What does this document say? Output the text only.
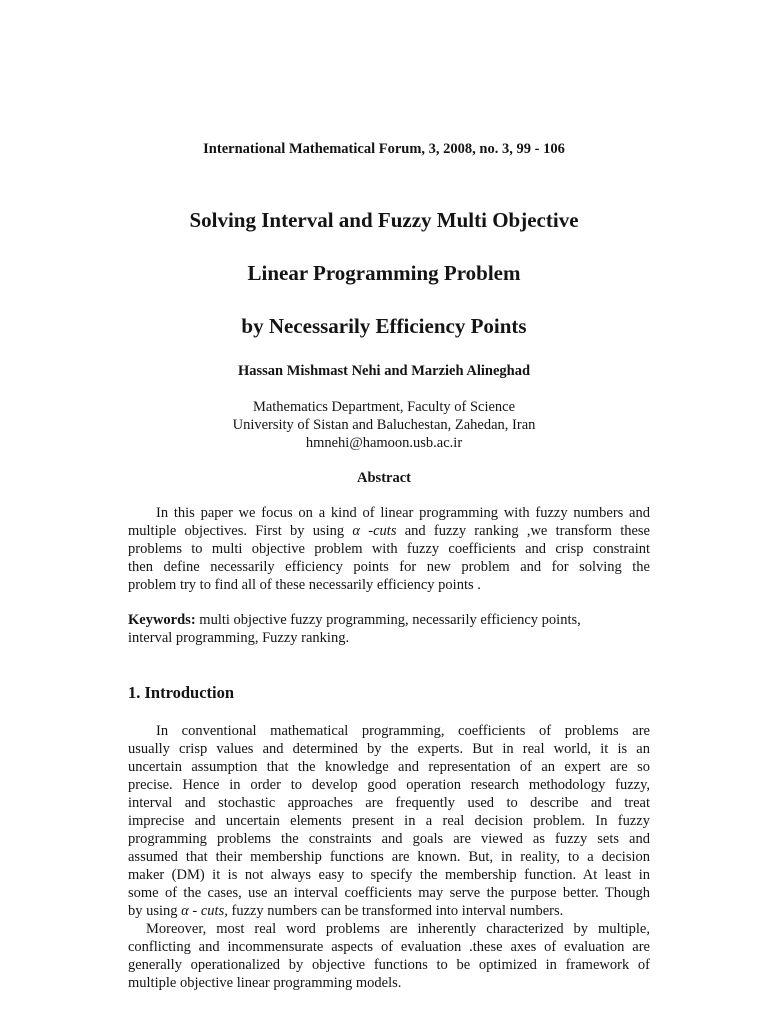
International Mathematical Forum, 3, 2008, no. 3, 99 - 106
Solving Interval and Fuzzy Multi Objective
Linear Programming Problem
by Necessarily Efficiency Points
Hassan Mishmast Nehi and Marzieh Alineghad
Mathematics Department, Faculty of Science
University of Sistan and Baluchestan, Zahedan, Iran
hmnehi@hamoon.usb.ac.ir
Abstract
In this paper we focus on a kind of linear programming with fuzzy numbers and
multiple objectives. First by using α -cuts and fuzzy ranking ,we transform these
problems to multi objective problem with fuzzy coefficients and crisp constraint
then define necessarily efficiency points for new problem and for solving the
problem try to find all of these necessarily efficiency points .
Keywords: multi objective fuzzy programming, necessarily efficiency points,
interval programming, Fuzzy ranking.
1. Introduction
In conventional mathematical programming, coefficients of problems are
usually crisp values and determined by the experts. But in real world, it is an
uncertain assumption that the knowledge and representation of an expert are so
precise. Hence in order to develop good operation research methodology fuzzy,
interval and stochastic approaches are frequently used to describe and treat
imprecise and uncertain elements present in a real decision problem. In fuzzy
programming problems the constraints and goals are viewed as fuzzy sets and
assumed that their membership functions are known. But, in reality, to a decision
maker (DM) it is not always easy to specify the membership function. At least in
some of the cases, use an interval coefficients may serve the purpose better. Though
by using α - cuts, fuzzy numbers can be transformed into interval numbers.
Moreover, most real word problems are inherently characterized by multiple,
conflicting and incommensurate aspects of evaluation .these axes of evaluation are
generally operationalized by objective functions to be optimized in framework of
multiple objective linear programming models.
